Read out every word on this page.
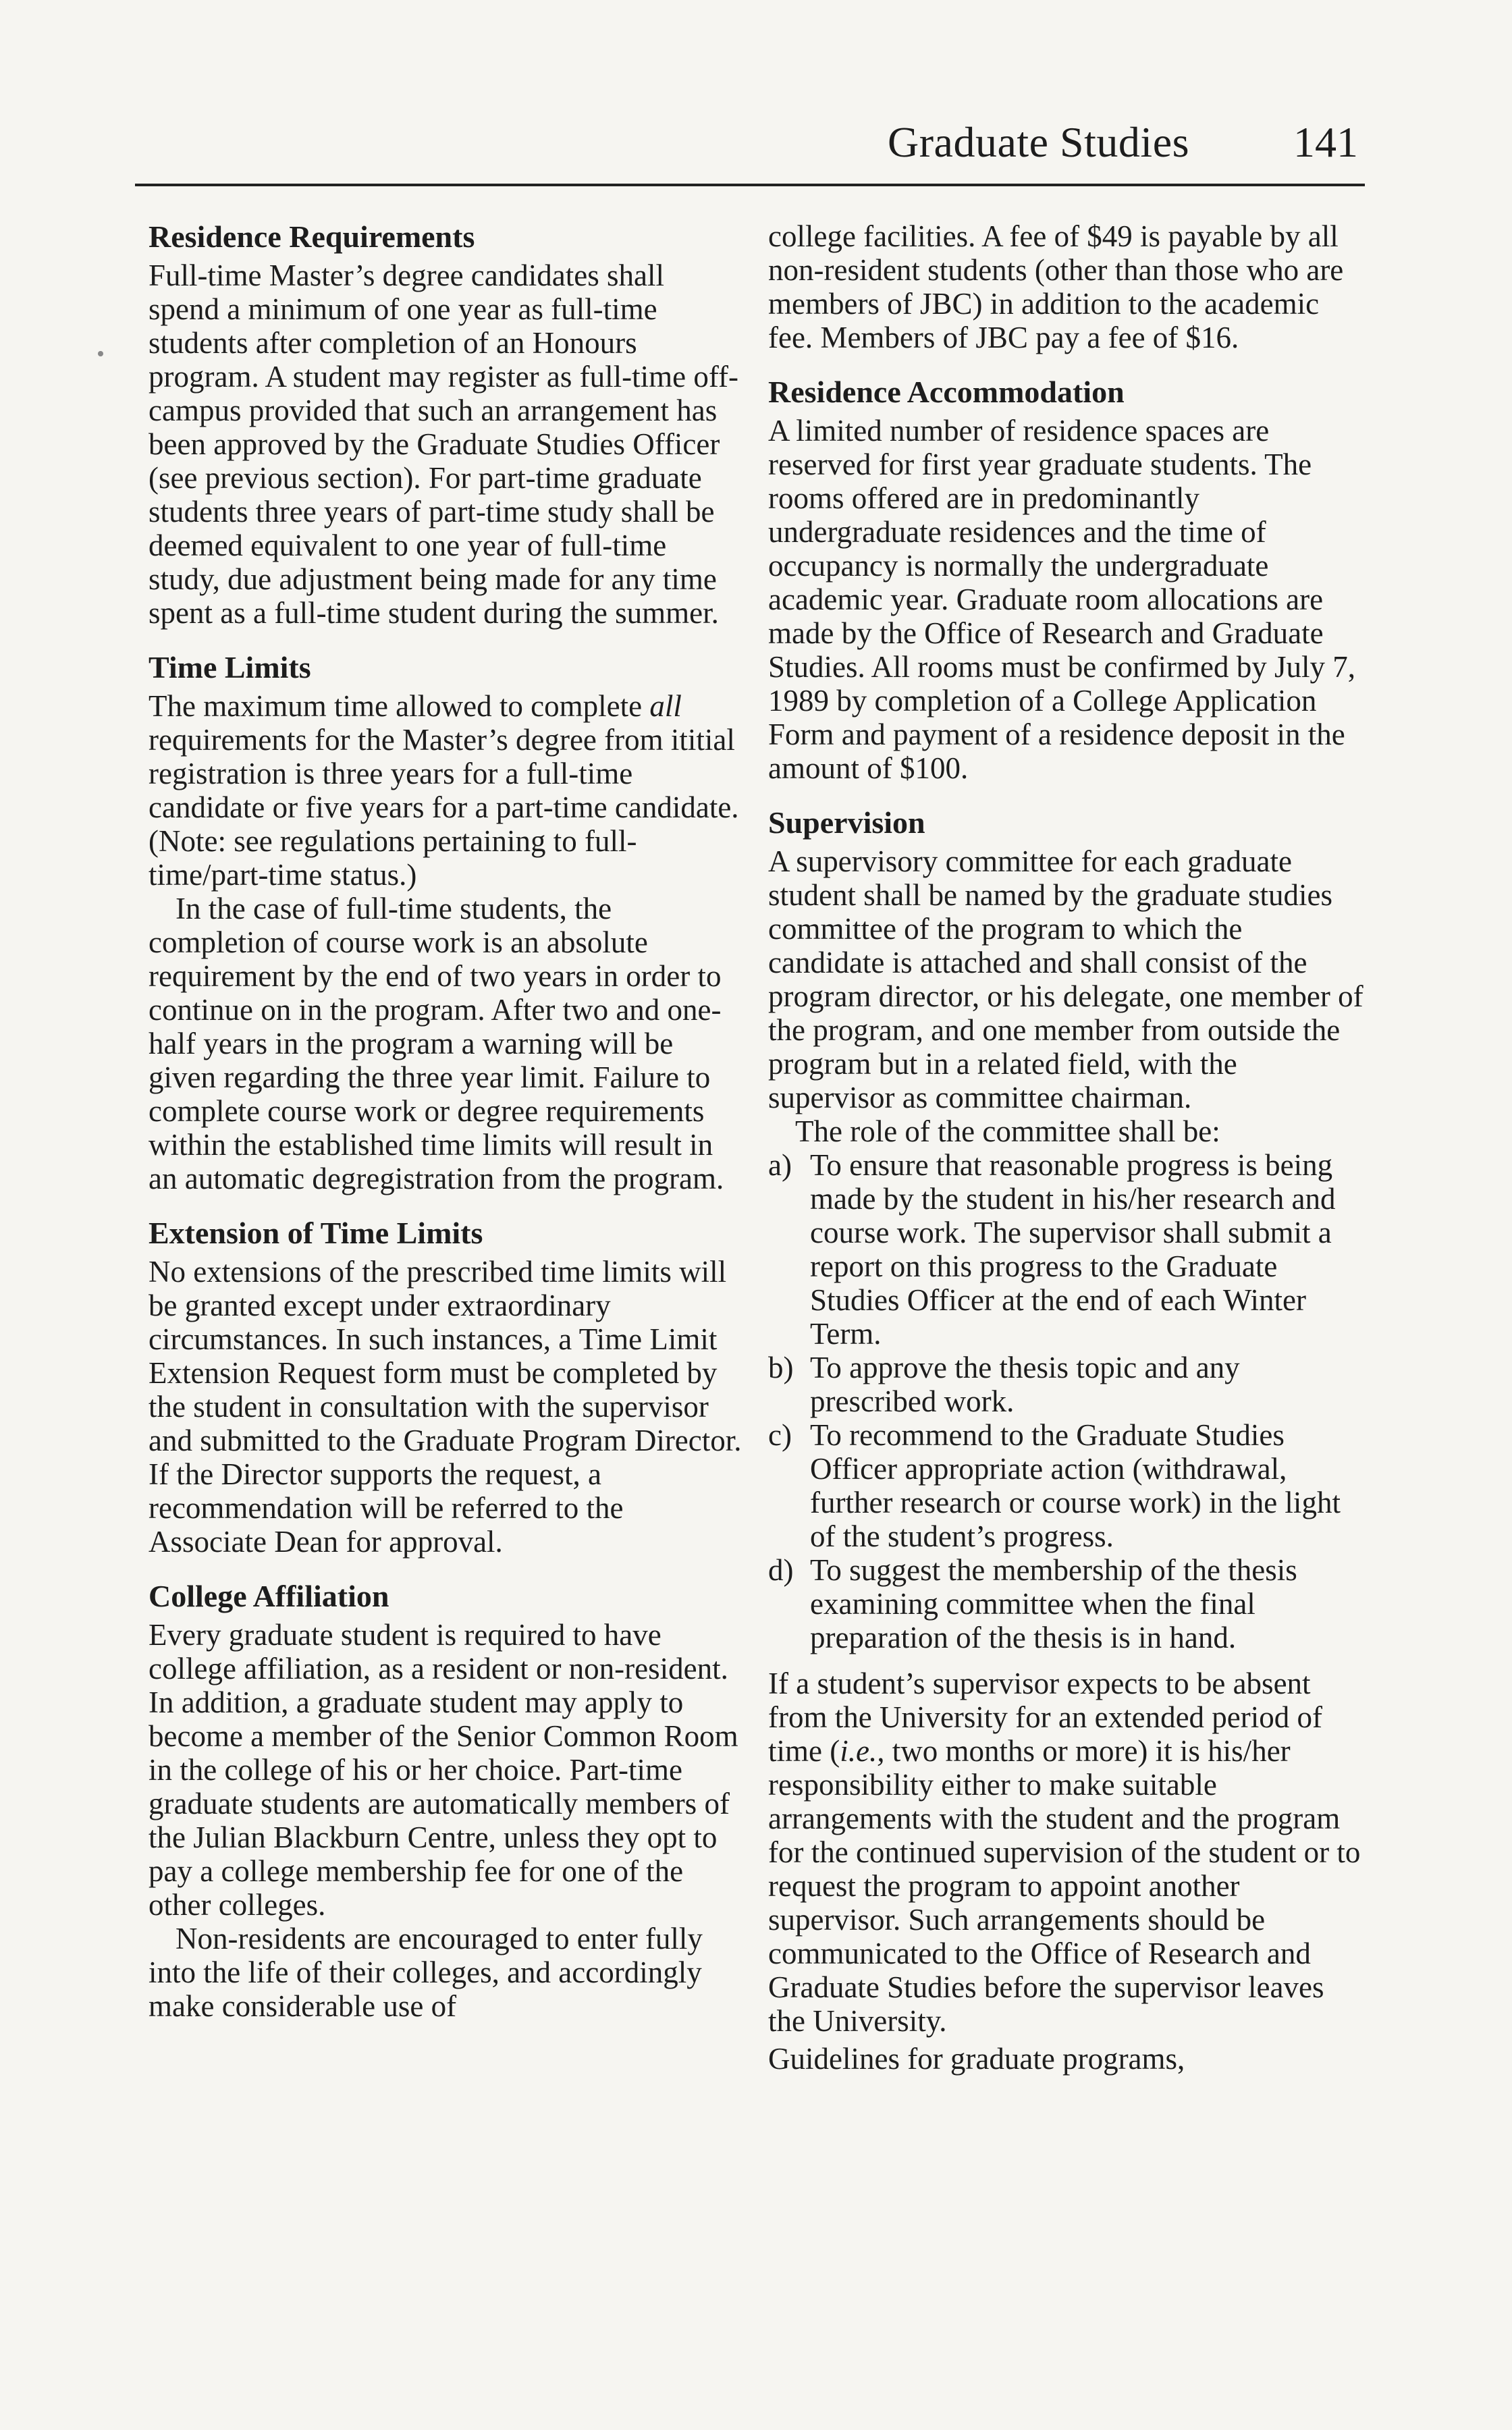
Graduate Studies 141
Residence Requirements

Full-time Master’s degree candidates shall spend a minimum of one year as full-time students after completion of an Honours program. A student may register as full-time off-campus provided that such an arrangement has been approved by the Graduate Studies Officer (see previous section). For part-time graduate students three years of part-time study shall be deemed equivalent to one year of full-time study, due adjustment being made for any time spent as a full-time student during the summer.

Time Limits

The maximum time allowed to complete all requirements for the Master’s degree from ititial registration is three years for a full-time candidate or five years for a part-time candidate. (Note: see regulations pertaining to full-time/part-time status.)

In the case of full-time students, the completion of course work is an absolute requirement by the end of two years in order to continue on in the program. After two and one-half years in the program a warning will be given regarding the three year limit. Failure to complete course work or degree requirements within the established time limits will result in an automatic degregistration from the program.

Extension of Time Limits

No extensions of the prescribed time limits will be granted except under extraordinary circumstances. In such instances, a Time Limit Extension Request form must be completed by the student in consultation with the supervisor and submitted to the Graduate Program Director. If the Director supports the request, a recommendation will be referred to the Associate Dean for approval.

College Affiliation

Every graduate student is required to have college affiliation, as a resident or non-resident. In addition, a graduate student may apply to become a member of the Senior Common Room in the college of his or her choice. Part-time graduate students are automatically members of the Julian Blackburn Centre, unless they opt to pay a college membership fee for one of the other colleges.

Non-residents are encouraged to enter fully into the life of their colleges, and accordingly make considerable use of

college facilities. A fee of $49 is payable by all non-resident students (other than those who are members of JBC) in addition to the academic fee. Members of JBC pay a fee of $16.

Residence Accommodation

A limited number of residence spaces are reserved for first year graduate students. The rooms offered are in predominantly undergraduate residences and the time of occupancy is normally the undergraduate academic year. Graduate room allocations are made by the Office of Research and Graduate Studies. All rooms must be confirmed by July 7, 1989 by completion of a College Application Form and payment of a residence deposit in the amount of $100.

Supervision

A supervisory committee for each graduate student shall be named by the graduate studies committee of the program to which the candidate is attached and shall consist of the program director, or his delegate, one member of the program, and one member from outside the program but in a related field, with the supervisor as committee chairman.

The role of the committee shall be:

a) To ensure that reasonable progress is being made by the student in his/her research and course work. The supervisor shall submit a report on this progress to the Graduate Studies Officer at the end of each Winter Term.
b) To approve the thesis topic and any prescribed work.
c) To recommend to the Graduate Studies Officer appropriate action (withdrawal, further research or course work) in the light of the student’s progress.
d) To suggest the membership of the thesis examining committee when the final preparation of the thesis is in hand.

If a student’s supervisor expects to be absent from the University for an extended period of time (i.e., two months or more) it is his/her responsibility either to make suitable arrangements with the student and the program for the continued supervision of the student or to request the program to appoint another supervisor. Such arrangements should be communicated to the Office of Research and Graduate Studies before the supervisor leaves the University.

Guidelines for graduate programs,
